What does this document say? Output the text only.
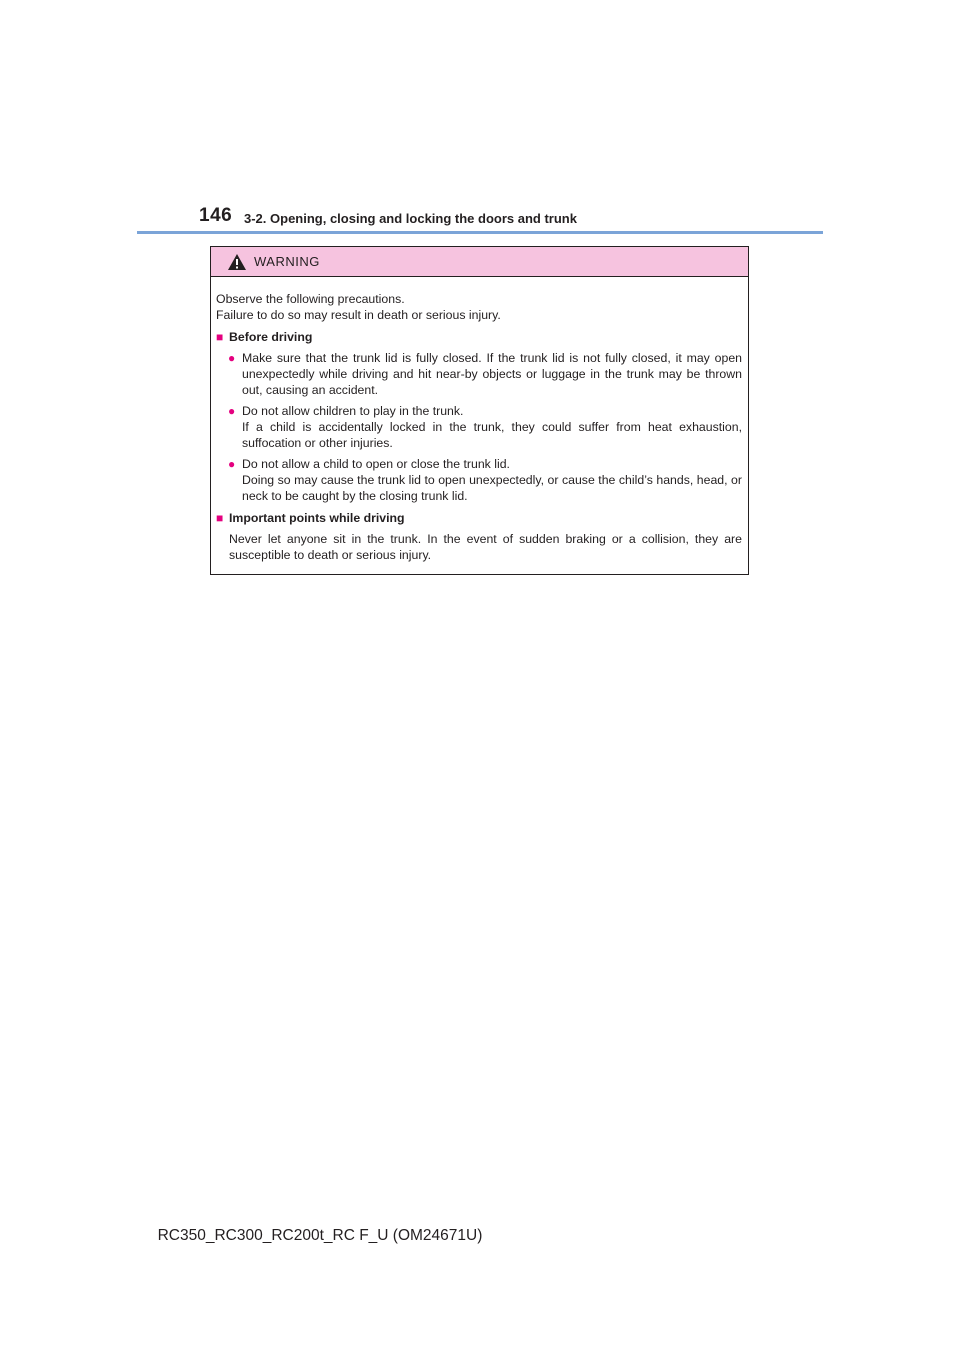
146 3-2. Opening, closing and locking the doors and trunk
WARNING

Observe the following precautions.

Failure to do so may result in death or serious injury.

■ Before driving
● Make sure that the trunk lid is fully closed. If the trunk lid is not fully closed, it may open unexpectedly while driving and hit near-by objects or luggage in the trunk may be thrown out, causing an accident.

● Do not allow children to play in the trunk.

If a child is accidentally locked in the trunk, they could suffer from heat exhaustion, suffocation or other injuries.

● Do not allow a child to open or close the trunk lid.

Doing so may cause the trunk lid to open unexpectedly, or cause the child’s hands, head, or neck to be caught by the closing trunk lid.

■ Important points while driving
Never let anyone sit in the trunk. In the event of sudden braking or a collision, they are susceptible to death or serious injury.
RC350_RC300_RC200t_RC F_U (OM24671U)
